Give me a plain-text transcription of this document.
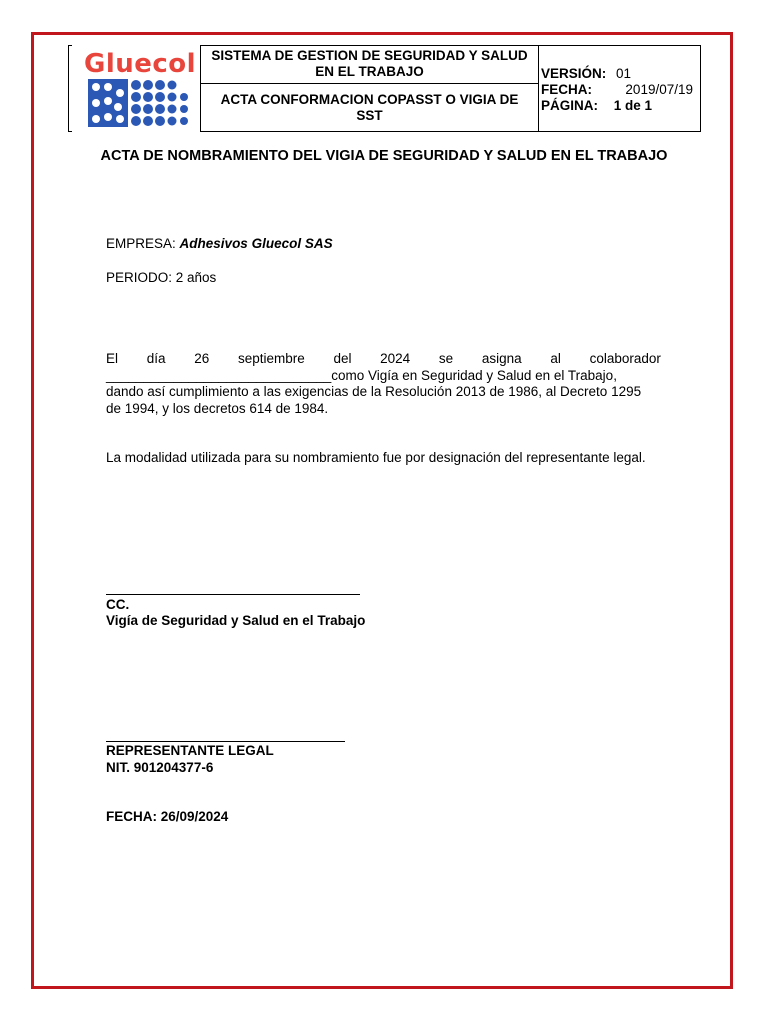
Gluecol	SISTEMA DE GESTION DE SEGURIDAD Y SALUD EN EL TRABAJO
ACTA CONFORMACION COPASST O VIGIA DE SST
VERSIÓN: 01
FECHA: 2019/07/19
PÁGINA: 1 de 1
ACTA DE NOMBRAMIENTO DEL VIGIA DE SEGURIDAD Y SALUD EN EL TRABAJO
EMPRESA: Adhesivos Gluecol SAS
PERIODO: 2 años
El día 26 septiembre del 2024 se asigna al colaborador
______________________________como Vigía en Seguridad y Salud en el Trabajo,
dando así cumplimiento a las exigencias de la Resolución 2013 de 1986, al Decreto 1295
de 1994, y los decretos 614 de 1984.
La modalidad utilizada para su nombramiento fue por designación del representante legal.
CC.
Vigía de Seguridad y Salud en el Trabajo
REPRESENTANTE LEGAL
NIT. 901204377-6
FECHA: 26/09/2024
